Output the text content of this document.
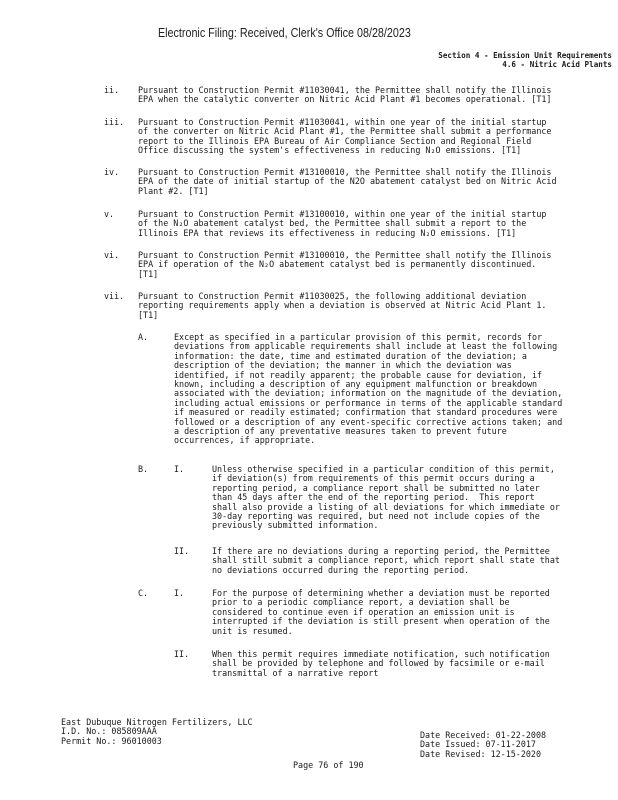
Electronic Filing: Received, Clerk's Office 08/28/2023
Section 4 - Emission Unit Requirements
4.6 - Nitric Acid Plants
ii. Pursuant to Construction Permit #11030041, the Permittee shall notify the Illinois
EPA when the catalytic converter on Nitric Acid Plant #1 becomes operational. [T1]
iii. Pursuant to Construction Permit #11030041, within one year of the initial startup
of the converter on Nitric Acid Plant #1, the Permittee shall submit a performance
report to the Illinois EPA Bureau of Air Compliance Section and Regional Field
Office discussing the system's effectiveness in reducing N₂O emissions. [T1]
iv. Pursuant to Construction Permit #13100010, the Permittee shall notify the Illinois
EPA of the date of initial startup of the N2O abatement catalyst bed on Nitric Acid
Plant #2. [T1]
v.	Pursuant to Construction Permit #13100010, within one year of the initial startup
of the N₂O abatement catalyst bed, the Permittee shall submit a report to the
Illinois EPA that reviews its effectiveness in reducing N₂O emissions. [T1]
vi. Pursuant to Construction Permit #13100010, the Permittee shall notify the Illinois
EPA if operation of the N₂O abatement catalyst bed is permanently discontinued.
[T1]
vii. Pursuant to Construction Permit #11030025, the following additional deviation
reporting requirements apply when a deviation is observed at Nitric Acid Plant 1.
[T1]
A.	Except as specified in a particular provision of this permit, records for
deviations from applicable requirements shall include at least the following
information: the date, time and estimated duration of the deviation; a
description of the deviation; the manner in which the deviation was
identified, if not readily apparent; the probable cause for deviation, if
known, including a description of any equipment malfunction or breakdown
associated with the deviation; information on the magnitude of the deviation,
including actual emissions or performance in terms of the applicable standard
if measured or readily estimated; confirmation that standard procedures were
followed or a description of any event-specific corrective actions taken; and
a description of any preventative measures taken to prevent future
occurrences, if appropriate.
B.	I.	Unless otherwise specified in a particular condition of this permit,
if deviation(s) from requirements of this permit occurs during a
reporting period, a compliance report shall be submitted no later
than 45 days after the end of the reporting period.  This report
shall also provide a listing of all deviations for which immediate or
30-day reporting was required, but need not include copies of the
previously submitted information.
II.	If there are no deviations during a reporting period, the Permittee
shall still submit a compliance report, which report shall state that
no deviations occurred during the reporting period.
C.	I.	For the purpose of determining whether a deviation must be reported
prior to a periodic compliance report, a deviation shall be
considered to continue even if operation an emission unit is
interrupted if the deviation is still present when operation of the
unit is resumed.
II.	When this permit requires immediate notification, such notification
shall be provided by telephone and followed by facsimile or e-mail
transmittal of a narrative report
East Dubuque Nitrogen Fertilizers, LLC
I.D. No.: 085809AAA
Permit No.: 96010003
Date Received: 01-22-2008
Date Issued: 07-11-2017
Date Revised: 12-15-2020
Page 76 of 190
